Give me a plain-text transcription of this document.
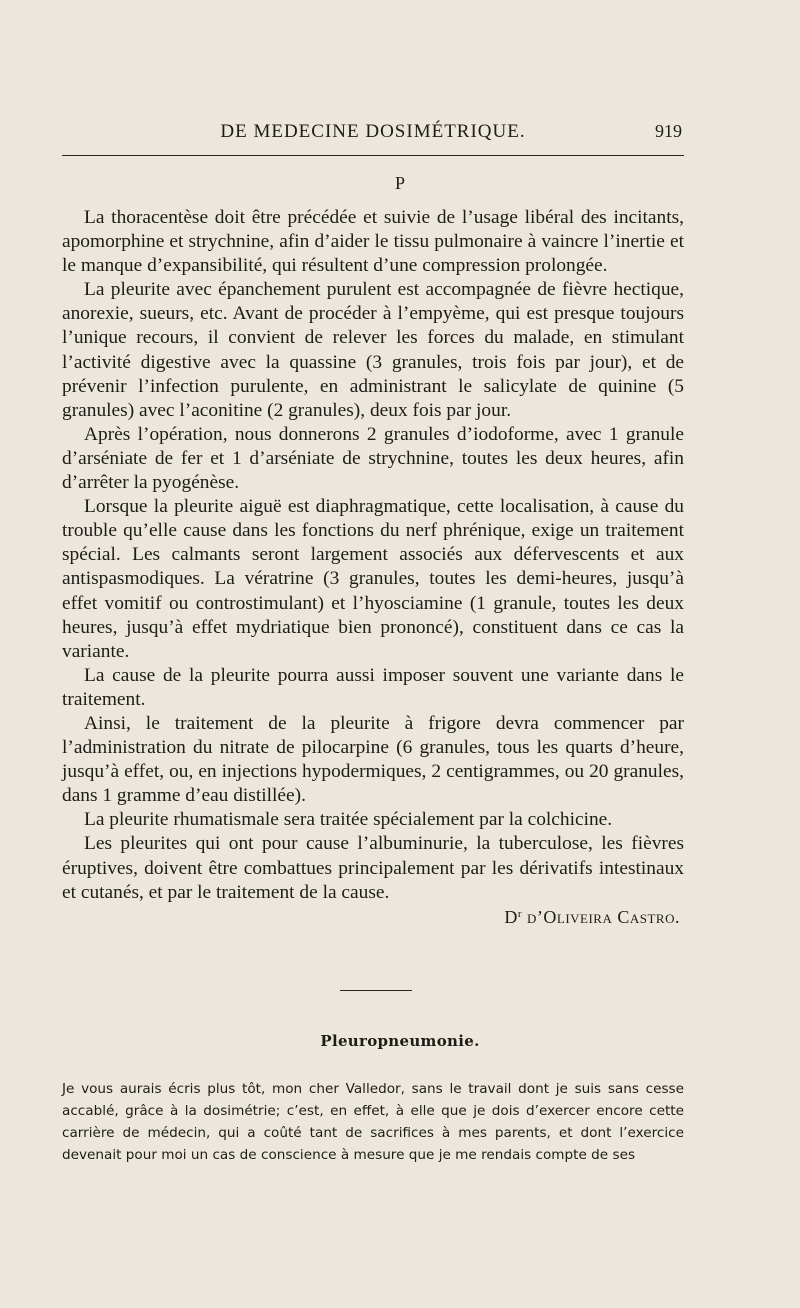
DE MEDECINE DOSIMÉTRIQUE.	919
P

La thoracentèse doit être précédée et suivie de l’usage libéral des incitants, apomorphine et strychnine, afin d’aider le tissu pulmonaire à vaincre l’inertie et le manque d’expansibilité, qui résultent d’une compression prolongée.

La pleurite avec épanchement purulent est accompagnée de fièvre hectique, anorexie, sueurs, etc. Avant de procéder à l’empyème, qui est presque toujours l’unique recours, il convient de relever les forces du malade, en stimulant l’activité digestive avec la quassine (3 granules, trois fois par jour), et de prévenir l’infection purulente, en administrant le salicylate de quinine (5 granules) avec l’aconitine (2 granules), deux fois par jour.

Après l’opération, nous donnerons 2 granules d’iodoforme, avec 1 granule d’arséniate de fer et 1 d’arséniate de strychnine, toutes les deux heures, afin d’arrêter la pyogénèse.

Lorsque la pleurite aiguë est diaphragmatique, cette localisation, à cause du trouble qu’elle cause dans les fonctions du nerf phrénique, exige un traitement spécial. Les calmants seront largement associés aux défervescents et aux antispasmodiques. La vératrine (3 granules, toutes les demi-heures, jusqu’à effet vomitif ou controstimulant) et l’hyosciamine (1 granule, toutes les deux heures, jusqu’à effet mydriatique bien prononcé), constituent dans ce cas la variante.

La cause de la pleurite pourra aussi imposer souvent une variante dans le traitement.

Ainsi, le traitement de la pleurite à frigore devra commencer par l’administration du nitrate de pilocarpine (6 granules, tous les quarts d’heure, jusqu’à effet, ou, en injections hypodermiques, 2 centigrammes, ou 20 granules, dans 1 gramme d’eau distillée).

La pleurite rhumatismale sera traitée spécialement par la colchicine.

Les pleurites qui ont pour cause l’albuminurie, la tuberculose, les fièvres éruptives, doivent être combattues principalement par les dérivatifs intestinaux et cutanés, et par le traitement de la cause.

$D^r$ d’Oliveira Castro.
Pleuropneumonie.

Je vous aurais écris plus tôt, mon cher Valledor, sans le travail dont je suis sans cesse accablé, grâce à la dosimétrie; c’est, en effet, à elle que je dois d’exercer encore cette carrière de médecin, qui a coûté tant de sacrifices à mes parents, et dont l’exercice devenait pour moi un cas de conscience à mesure que je me rendais compte de ses
